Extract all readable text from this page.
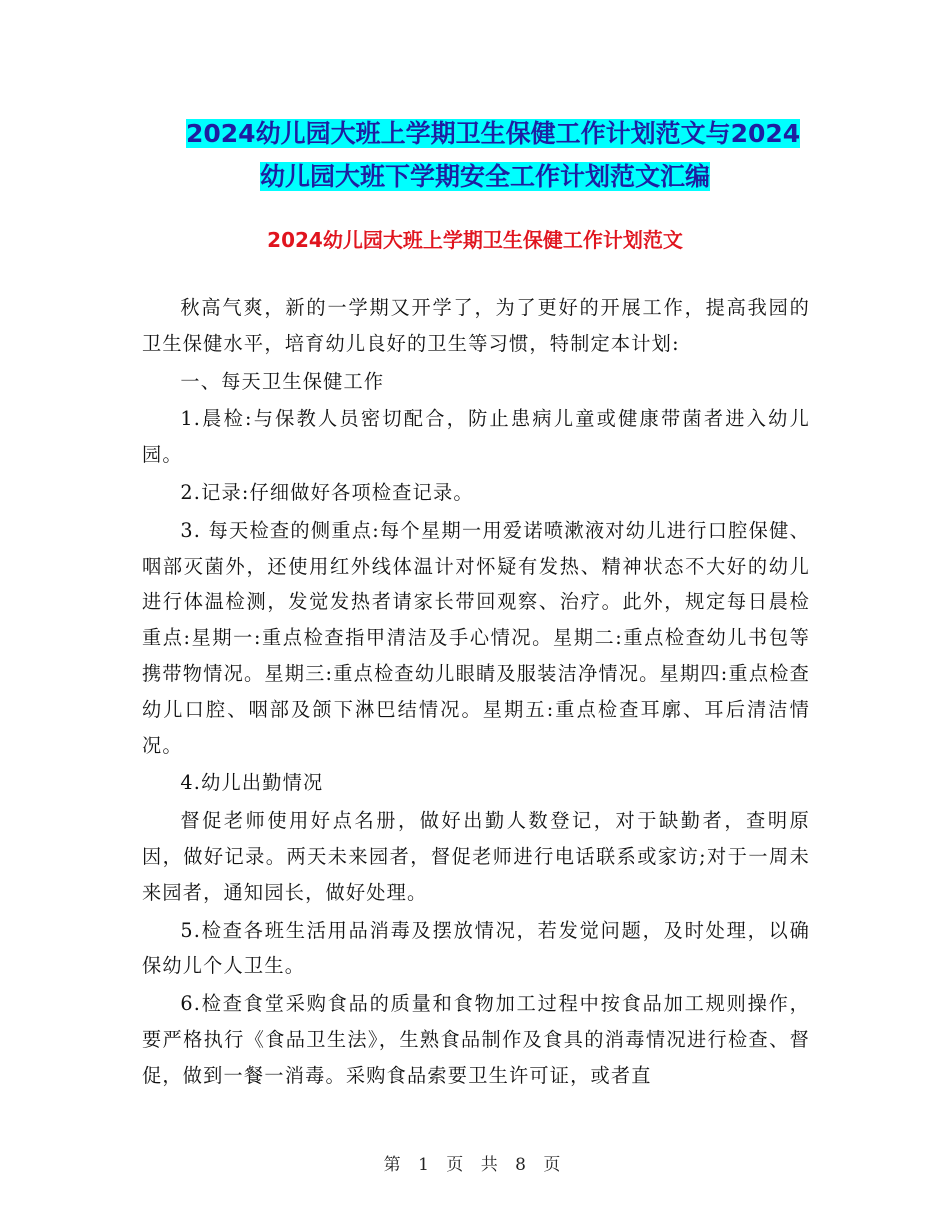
2024幼儿园大班上学期卫生保健工作计划范文与2024
幼儿园大班下学期安全工作计划范文汇编
2024幼儿园大班上学期卫生保健工作计划范文

秋高气爽，新的一学期又开学了，为了更好的开展工作，提高我园的卫生保健水平，培育幼儿良好的卫生等习惯，特制定本计划:

一、每天卫生保健工作

1.晨检:与保教人员密切配合，防止患病儿童或健康带菌者进入幼儿园。

2.记录:仔细做好各项检查记录。

3. 每天检查的侧重点:每个星期一用爱诺喷漱液对幼儿进行口腔保健、咽部灭菌外，还使用红外线体温计对怀疑有发热、精神状态不大好的幼儿进行体温检测，发觉发热者请家长带回观察、治疗。此外，规定每日晨检重点:星期一:重点检查指甲清洁及手心情况。星期二:重点检查幼儿书包等携带物情况。星期三:重点检查幼儿眼睛及服装洁净情况。星期四:重点检查幼儿口腔、咽部及颌下淋巴结情况。星期五:重点检查耳廓、耳后清洁情况。

4.幼儿出勤情况

督促老师使用好点名册，做好出勤人数登记，对于缺勤者，查明原因，做好记录。两天未来园者，督促老师进行电话联系或家访;对于一周未来园者，通知园长，做好处理。

5.检查各班生活用品消毒及摆放情况，若发觉问题，及时处理，以确保幼儿个人卫生。

6.检查食堂采购食品的质量和食物加工过程中按食品加工规则操作，要严格执行《食品卫生法》，生熟食品制作及食具的消毒情况进行检查、督促，做到一餐一消毒。采购食品索要卫生许可证，或者直

第 1 页 共 8 页
